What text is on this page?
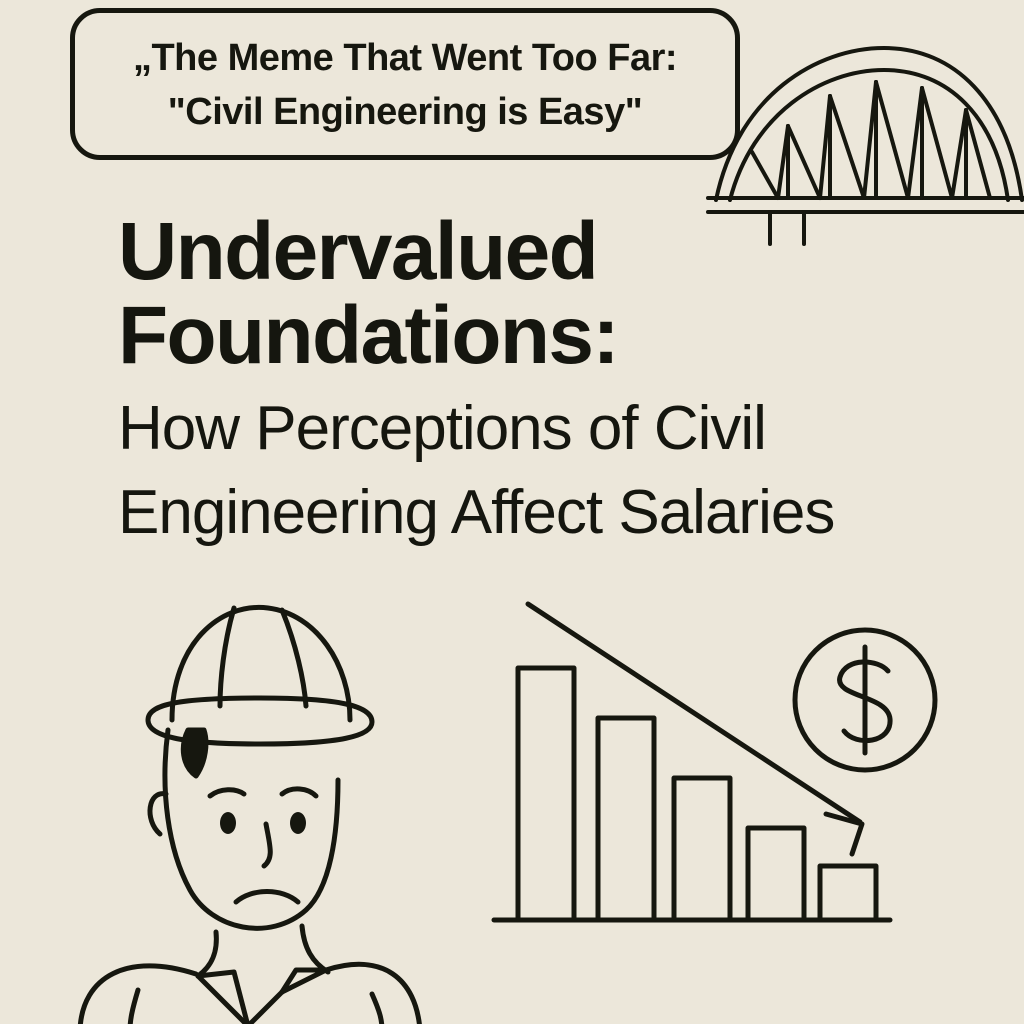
„The Meme That Went Too Far:
"Civil Engineering is Easy"
Undervalued
Foundations:
How Perceptions of Civil
Engineering Affect Salaries
